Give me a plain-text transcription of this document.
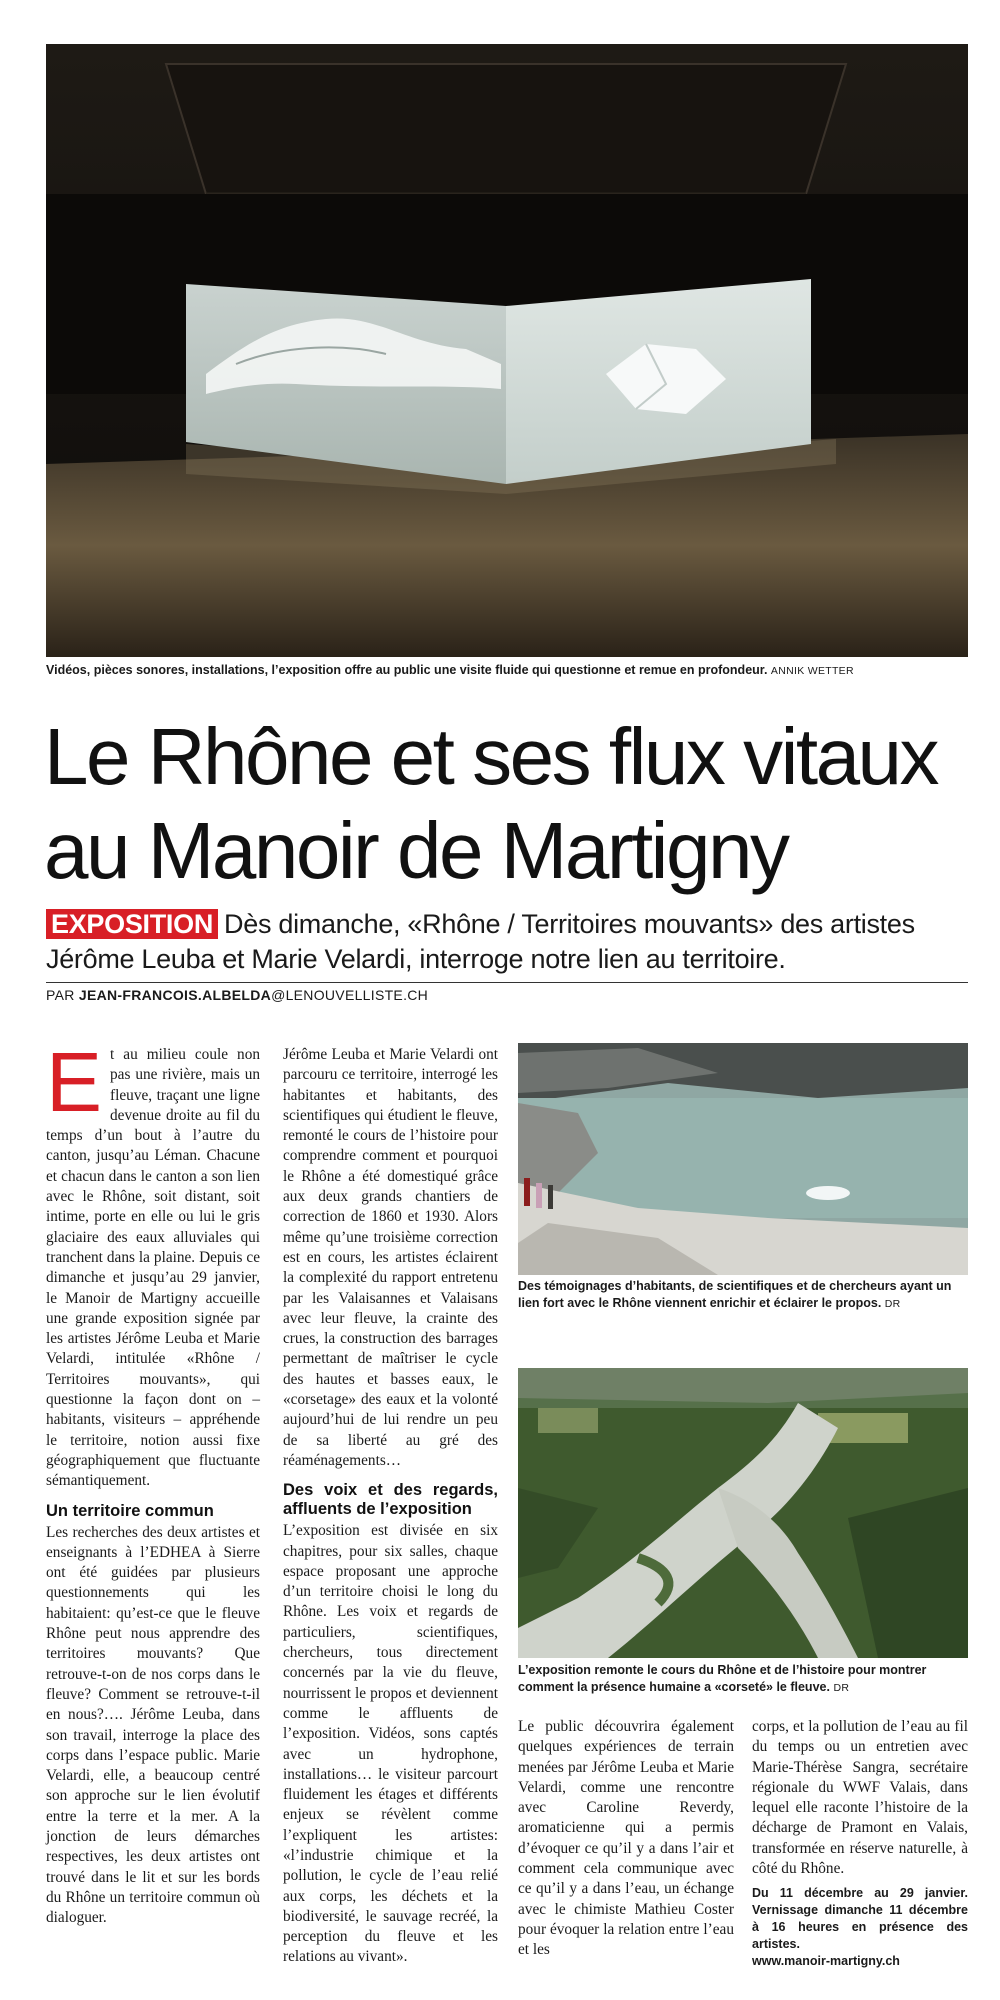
Vidéos, pièces sonores, installations, l’exposition offre au public une visite fluide qui questionne et remue en profondeur. ANNIK WETTER
Le Rhône et ses flux vitaux
au Manoir de Martigny
EXPOSITION Dès dimanche, «Rhône / Territoires mouvants» des artistes Jérôme Leuba et Marie Velardi, interroge notre lien au territoire.
PAR JEAN-FRANCOIS.ALBELDA@LENOUVELLISTE.CH

Et au milieu coule non pas une rivière, mais un fleuve, traçant une ligne devenue droite au fil du temps d’un bout à l’autre du canton, jusqu’au Léman. Chacune et chacun dans le canton a son lien avec le Rhône, soit distant, soit intime, porte en elle ou lui le gris glaciaire des eaux alluviales qui tranchent dans la plaine. Depuis ce dimanche et jusqu’au 29 janvier, le Manoir de Martigny accueille une grande exposition signée par les artistes Jérôme Leuba et Marie Velardi, intitulée «Rhône / Territoires mouvants», qui questionne la façon dont on – habitants, visiteurs – appréhende le territoire, notion aussi fixe géographiquement que fluctuante sémantiquement.

Un territoire commun

Les recherches des deux artistes et enseignants à l’EDHEA à Sierre ont été guidées par plusieurs questionnements qui les habitaient: qu’est-ce que le fleuve Rhône peut nous apprendre des territoires mouvants? Que retrouve-t-on de nos corps dans le fleuve? Comment se retrouve-t-il en nous?…. Jérôme Leuba, dans son travail, interroge la place des corps dans l’espace public. Marie Velardi, elle, a beaucoup centré son approche sur le lien évolutif entre la terre et la mer. A la jonction de leurs démarches respectives, les deux artistes ont trouvé dans le lit et sur les bords du Rhône un territoire commun où dialoguer.

Jérôme Leuba et Marie Velardi ont parcouru ce territoire, interrogé les habitantes et habitants, des scientifiques qui étudient le fleuve, remonté le cours de l’histoire pour comprendre comment et pourquoi le Rhône a été domestiqué grâce aux deux grands chantiers de correction de 1860 et 1930. Alors même qu’une troisième correction est en cours, les artistes éclairent la complexité du rapport entretenu par les Valaisannes et Valaisans avec leur fleuve, la crainte des crues, la construction des barrages permettant de maîtriser le cycle des hautes et basses eaux, le «corsetage» des eaux et la volonté aujourd’hui de lui rendre un peu de sa liberté au gré des réaménagements…

Des voix et des regards, affluents de l’exposition

L’exposition est divisée en six chapitres, pour six salles, chaque espace proposant une approche d’un territoire choisi le long du Rhône. Les voix et regards de particuliers, scientifiques, chercheurs, tous directement concernés par la vie du fleuve, nourrissent le propos et deviennent comme le affluents de l’exposition. Vidéos, sons captés avec un hydrophone, installations… le visiteur parcourt fluidement les étages et différents enjeux se révèlent comme l’expliquent les artistes: «l’industrie chimique et la pollution, le cycle de l’eau relié aux corps, les déchets et la biodiversité, le sauvage recréé, la perception du fleuve et les relations au vivant».

Des témoignages d’habitants, de scientifiques et de chercheurs ayant un lien fort avec le Rhône viennent enrichir et éclairer le propos. DR
L’exposition remonte le cours du Rhône et de l’histoire pour montrer comment la présence humaine a «corseté» le fleuve. DR

Le public découvrira également quelques expériences de terrain menées par Jérôme Leuba et Marie Velardi, comme une rencontre avec Caroline Reverdy, aromaticienne qui a permis d’évoquer ce qu’il y a dans l’air et comment cela communique avec ce qu’il y a dans l’eau, un échange avec le chimiste Mathieu Coster pour évoquer la relation entre l’eau et les

corps, et la pollution de l’eau au fil du temps ou un entretien avec Marie-Thérèse Sangra, secrétaire régionale du WWF Valais, dans lequel elle raconte l’histoire de la décharge de Pramont en Valais, transformée en réserve naturelle, à côté du Rhône.

Du 11 décembre au 29 janvier. Vernissage dimanche 11 décembre à 16 heures en présence des artistes.
www.manoir-martigny.ch
